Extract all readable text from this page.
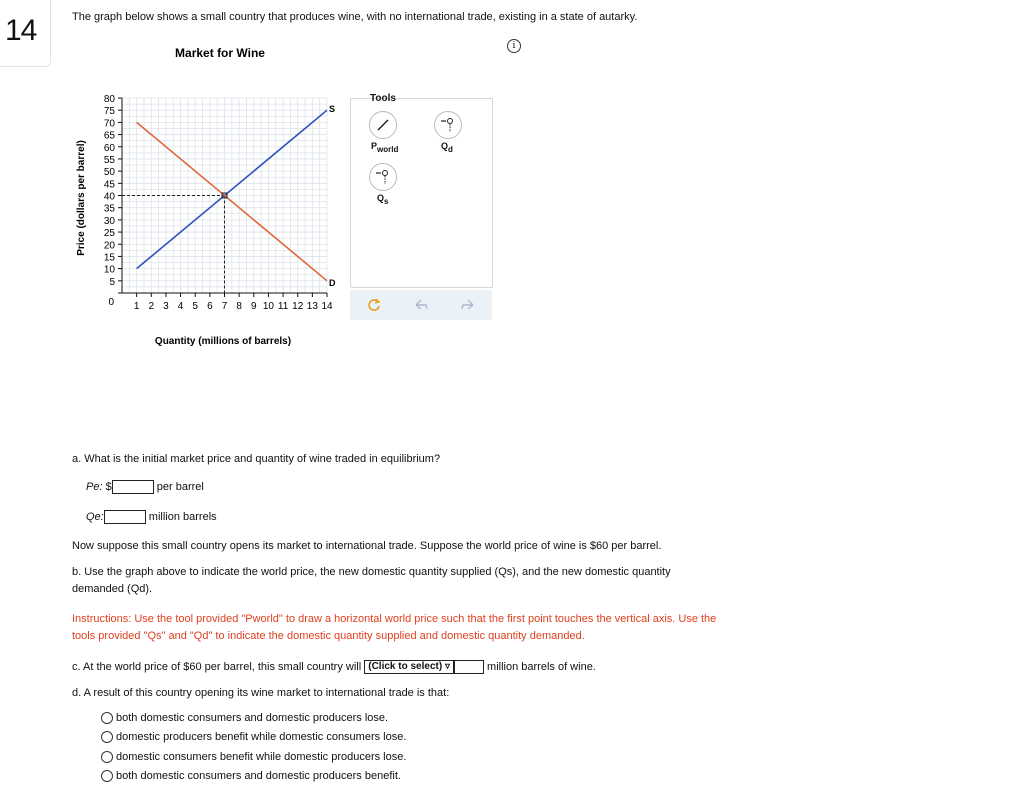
14	The graph below shows a small country that produces wine, with no international trade, existing in a state of autarky.
i
Market for Wine
80
75
70
65
60
55
50
45
40
35
30
25
20
15
10
5
0 1 2 3 4 5 6 7 8 9 10 11 12 13 14
Quantity (millions of barrels)
Price (dollars per barrel)
S
D
Tools
$P_{world}$	$Q_d$
$Q_s$
a. What is the initial market price and quantity of wine traded in equilibrium?
Pe: $	per barrel
Qe:	million barrels
Now suppose this small country opens its market to international trade. Suppose the world price of wine is $60 per barrel.
b. Use the graph above to indicate the world price, the new domestic quantity supplied (Qs), and the new domestic quantity
demanded (Qd).
Instructions: Use the tool provided "Pworld" to draw a horizontal world price such that the first point touches the vertical axis. Use the
tools provided "Qs" and "Qd" to indicate the domestic quantity supplied and domestic quantity demanded.
c. At the world price of $60 per barrel, this small country will (Click to select) ▿	million barrels of wine.
d. A result of this country opening its wine market to international trade is that:
both domestic consumers and domestic producers lose.
domestic producers benefit while domestic consumers lose.
domestic consumers benefit while domestic producers lose.
both domestic consumers and domestic producers benefit.
